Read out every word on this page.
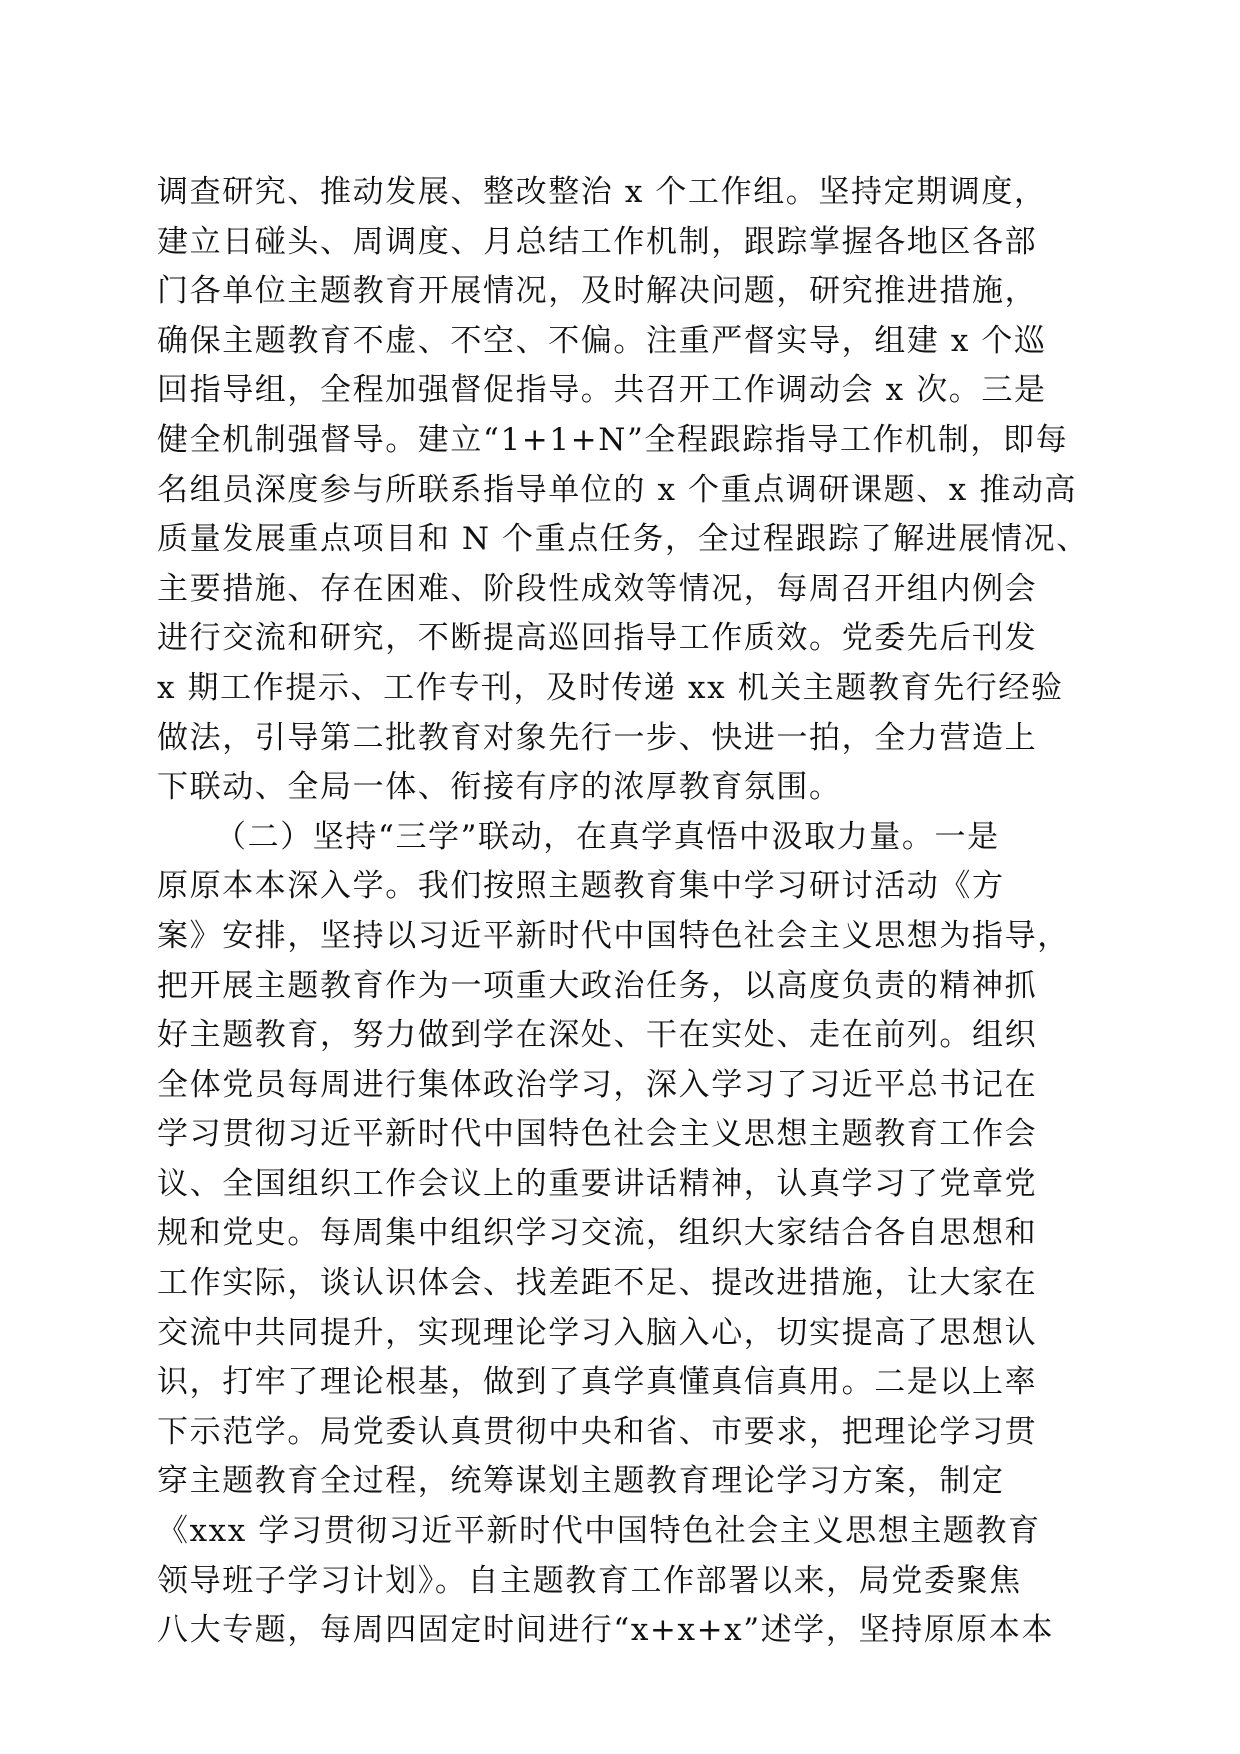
调查研究、推动发展、整改整治 x 个工作组。坚持定期调度，
建立日碰头、周调度、月总结工作机制，跟踪掌握各地区各部
门各单位主题教育开展情况，及时解决问题，研究推进措施，
确保主题教育不虚、不空、不偏。注重严督实导，组建 x 个巡
回指导组，全程加强督促指导。共召开工作调动会 x 次。三是
健全机制强督导。建立“1+1+N”全程跟踪指导工作机制，即每
名组员深度参与所联系指导单位的 x 个重点调研课题、x 推动高
质量发展重点项目和 N 个重点任务，全过程跟踪了解进展情况、
主要措施、存在困难、阶段性成效等情况，每周召开组内例会
进行交流和研究，不断提高巡回指导工作质效。党委先后刊发
x 期工作提示、工作专刊，及时传递 xx 机关主题教育先行经验
做法，引导第二批教育对象先行一步、快进一拍，全力营造上
下联动、全局一体、衔接有序的浓厚教育氛围。
（二）坚持“三学”联动，在真学真悟中汲取力量。一是
原原本本深入学。我们按照主题教育集中学习研讨活动《方
案》安排，坚持以习近平新时代中国特色社会主义思想为指导，
把开展主题教育作为一项重大政治任务，以高度负责的精神抓
好主题教育，努力做到学在深处、干在实处、走在前列。组织
全体党员每周进行集体政治学习，深入学习了习近平总书记在
学习贯彻习近平新时代中国特色社会主义思想主题教育工作会
议、全国组织工作会议上的重要讲话精神，认真学习了党章党
规和党史。每周集中组织学习交流，组织大家结合各自思想和
工作实际，谈认识体会、找差距不足、提改进措施，让大家在
交流中共同提升，实现理论学习入脑入心，切实提高了思想认
识，打牢了理论根基，做到了真学真懂真信真用。二是以上率
下示范学。局党委认真贯彻中央和省、市要求，把理论学习贯
穿主题教育全过程，统筹谋划主题教育理论学习方案，制定
《xxx 学习贯彻习近平新时代中国特色社会主义思想主题教育
领导班子学习计划》。自主题教育工作部署以来，局党委聚焦
八大专题，每周四固定时间进行“x+x+x”述学，坚持原原本本
